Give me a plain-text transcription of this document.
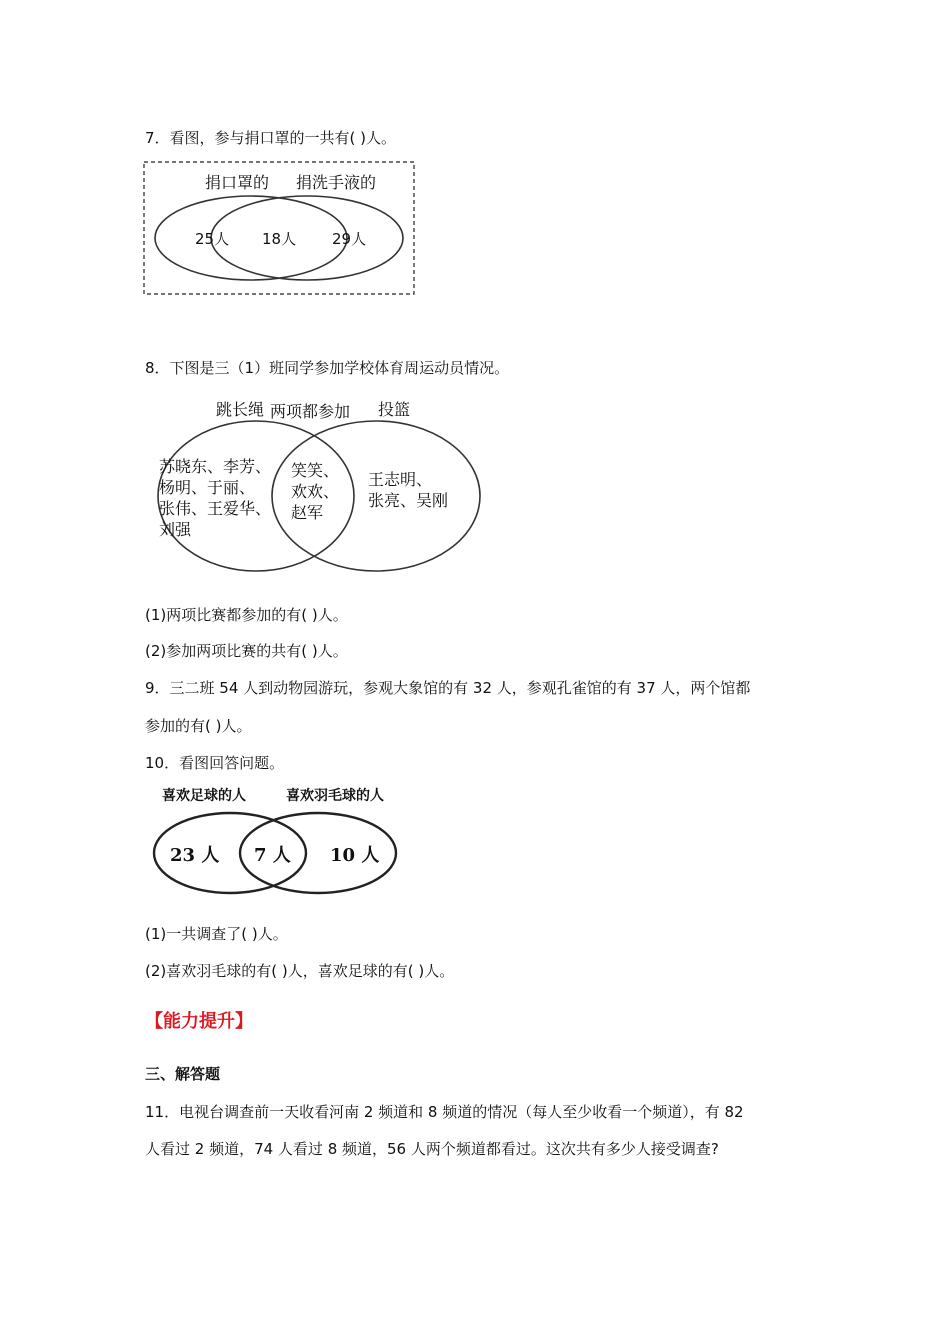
7．看图，参与捐口罩的一共有( )人。
捐口罩的 捐洗手液的
25人 18人 29人
8．下图是三（1）班同学参加学校体育周运动员情况。
跳长绳 两项都参加 投篮
苏晓东、李芳、
杨明、于丽、
张伟、王爱华、
刘强
笑笑、
欢欢、
赵军
王志明、
张亮、吴刚
(1)两项比赛都参加的有( )人。
(2)参加两项比赛的共有( )人。
9．三二班 54 人到动物园游玩，参观大象馆的有 32 人，参观孔雀馆的有 37 人，两个馆都
参加的有( )人。
10．看图回答问题。
喜欢足球的人	喜欢羽毛球的人
23 人 7 人 10 人
(1)一共调查了( )人。
(2)喜欢羽毛球的有( )人，喜欢足球的有( )人。
【能力提升】
三、解答题
11．电视台调查前一天收看河南 2 频道和 8 频道的情况（每人至少收看一个频道），有 82
人看过 2 频道，74 人看过 8 频道，56 人两个频道都看过。这次共有多少人接受调查?
